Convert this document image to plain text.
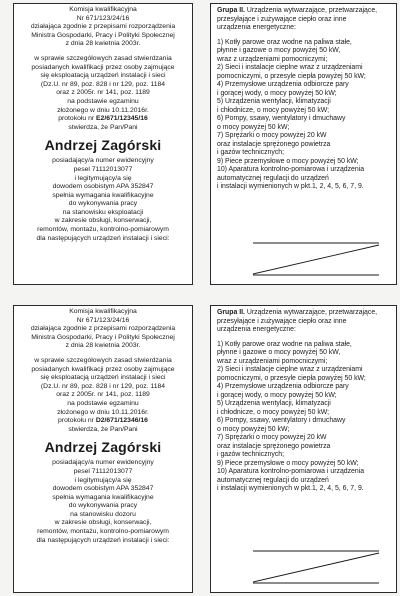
Komisja kwalifikacyjna
Nr 671/123/24/16
działająca zgodnie z przepisami rozporządzenia
Ministra Gospodarki, Pracy i Polityki Społecznej
z dnia 28 kwietnia 2003r.
w sprawie szczegółowych zasad stwierdzania
posiadanych kwalifikacji przez osoby zajmujące
się eksploatacją urządzeń instalacji i sieci
(Dz.U. nr 89, poz. 828 i nr 129, poz. 1184
oraz z 2005r. nr 141, poz. 1189
na podstawie egzaminu
złożonego w dniu 10.11.2016r.
protokołu nr E2/671/12345/16
stwierdza, że Pan/Pani
Andrzej Zagórski
posiadający/a numer ewidencyjny
pesel 71112013077
i legitymujący/a się
dowodem osobistym APA 352847
spełnia wymagania kwalifikacyjne
do wykonywania pracy
na stanowisku eksploatacji
w zakresie obsługi, konserwacji,
remontów, montażu, kontrolno-pomiarowym
dla następujących urządzeń instalacji i sieci:
Grupa II. Urządzenia wytwarzające, przetwarzające,
przesyłające i zużywające ciepło oraz inne
urządzenia energetyczne:
1) Kotły parowe oraz wodne na paliwa stałe,
płynne i gazowe o mocy powyżej 50 kW,
wraz z urządzeniami pomocniczymi;
2) Sieci i instalacje cieplne wraz z urządzeniami
pomocniczymi, o przesyle ciepła powyżej 50 kW;
4) Przemysłowe urządzenia odbiorcze pary
i gorącej wody, o mocy powyżej 50 kW;
5) Urządzenia wentylacji, klimatyzacji
i chłodnicze, o mocy powyżej 50 kW;
6) Pompy, ssawy, wentylatory i dmuchawy
o mocy powyżej 50 kW;
7) Sprężarki o mocy powyżej 20 kW
oraz instalacje sprężonego powietrza
i gazów technicznych;
9) Piece przemysłowe o mocy powyżej 50 kW;
10) Aparatura kontrolno-pomiarowa i urządzenia
automatycznej regulacji do urządzeń
i instalacji wymienionych w pkt.1, 2, 4, 5, 6, 7, 9.
Komisja kwalifikacyjna
Nr 671/123/24/16
działająca zgodnie z przepisami rozporządzenia
Ministra Gospodarki, Pracy i Polityki Społecznej
z dnia 28 kwietnia 2003r.
w sprawie szczegółowych zasad stwierdzania
posiadanych kwalifikacji przez osoby zajmujące
się eksploatacją urządzeń instalacji i sieci
(Dz.U. nr 89, poz. 828 i nr 129, poz. 1184
oraz z 2005r. nr 141, poz. 1189
na podstawie egzaminu
złożonego w dniu 10.11.2016r.
protokołu nr D2/671/12346/16
stwierdza, że Pan/Pani
Andrzej Zagórski
posiadający/a numer ewidencyjny
pesel 71112013077
i legitymujący/a się
dowodem osobistym APA 352847
spełnia wymagania kwalifikacyjne
do wykonywania pracy
na stanowisku dozoru
w zakresie obsługi, konserwacji,
remontów, montażu, kontrolno-pomiarowym
dla następujących urządzeń instalacji i sieci:
Grupa II. Urządzenia wytwarzające, przetwarzające,
przesyłające i zużywające ciepło oraz inne
urządzenia energetyczne:
1) Kotły parowe oraz wodne na paliwa stałe,
płynne i gazowe o mocy powyżej 50 kW,
wraz z urządzeniami pomocniczymi;
2) Sieci i instalacje cieplne wraz z urządzeniami
pomocniczymi, o przesyle ciepła powyżej 50 kW;
4) Przemysłowe urządzenia odbiorcze pary
i gorącej wody, o mocy powyżej 50 kW;
5) Urządzenia wentylacji, klimatyzacji
i chłodnicze, o mocy powyżej 50 kW;
6) Pompy, ssawy, wentylatory i dmuchawy
o mocy powyżej 50 kW;
7) Sprężarki o mocy powyżej 20 kW
oraz instalacje sprężonego powietrza
i gazów technicznych;
9) Piece przemysłowe o mocy powyżej 50 kW;
10) Aparatura kontrolno-pomiarowa i urządzenia
automatycznej regulacji do urządzeń
i instalacji wymienionych w pkt.1, 2, 4, 5, 6, 7, 9.
